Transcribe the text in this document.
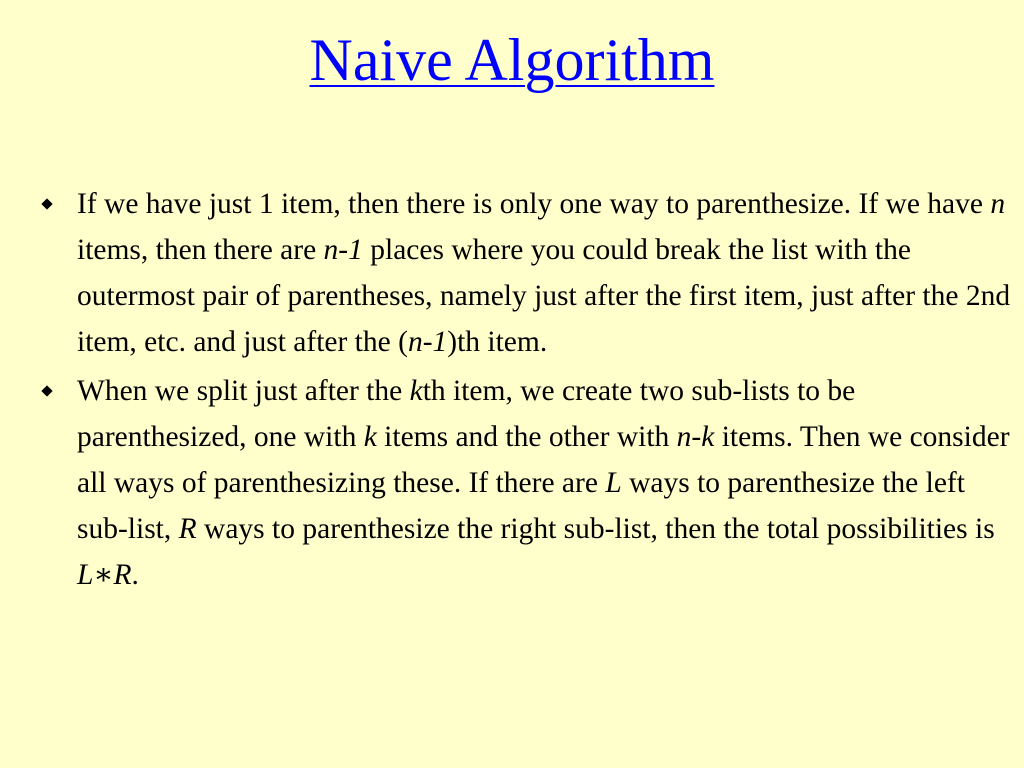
Naive Algorithm
If we have just 1 item, then there is only one way to parenthesize. If we have n items, then there are n-1 places where you could break the list with the outermost pair of parentheses, namely just after the first item, just after the 2nd item, etc. and just after the (n-1)th item.
When we split just after the kth item, we create two sub-lists to be parenthesized, one with k items and the other with n-k items. Then we consider all ways of parenthesizing these. If there are L ways to parenthesize the left sub-list, R ways to parenthesize the right sub-list, then the total possibilities is L∗R.
